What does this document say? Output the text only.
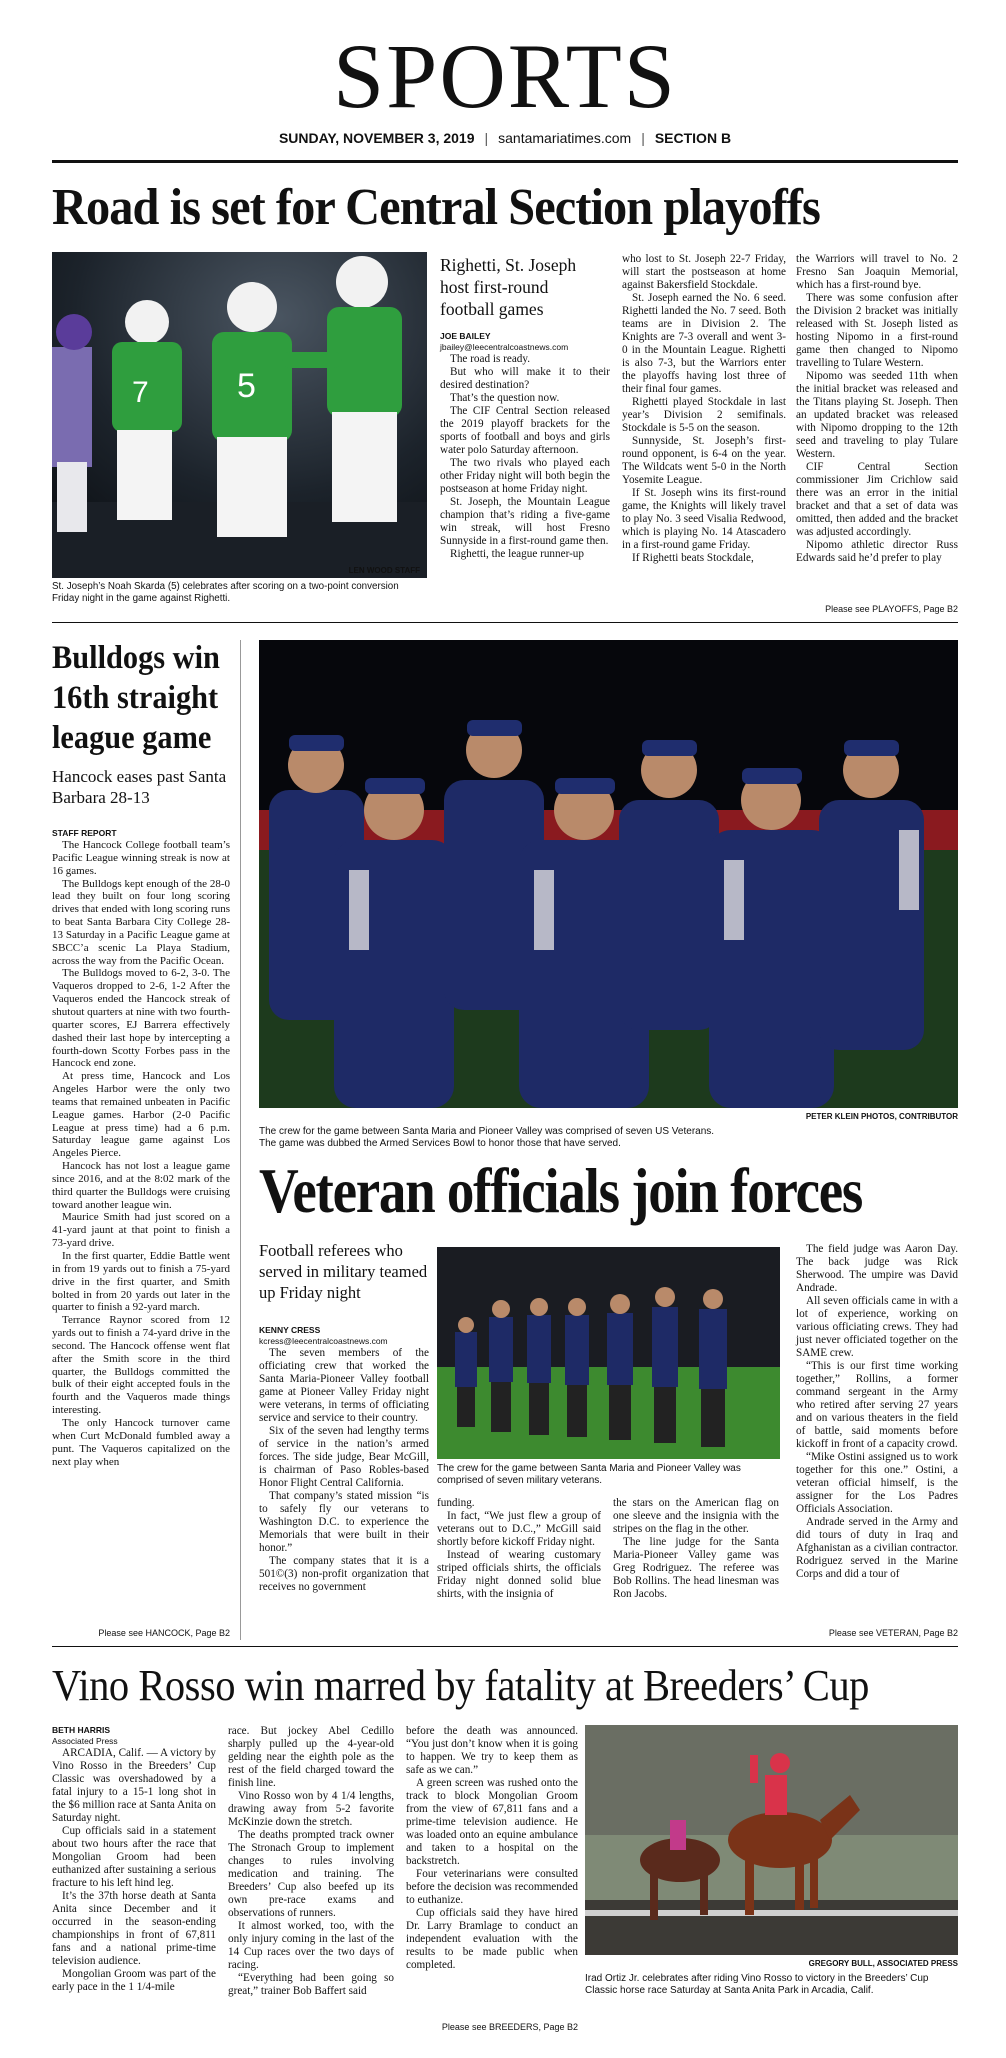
SPORTS
SUNDAY, NOVEMBER 3, 2019 | santamariatimes.com | SECTION B
Road is set for Central Section playoffs
7	5
LEN WOOD STAFF
St. Joseph’s Noah Skarda (5) celebrates after scoring on a two-point conversion Friday night in the game against Righetti.
Righetti, St. Joseph host first-round football games

JOE BAILEY

jbailey@leecentralcoastnews.com

The road is ready.

But who will make it to their desired destination?

That’s the question now.

The CIF Central Section released the 2019 playoff brackets for the sports of football and boys and girls water polo Saturday afternoon.

The two rivals who played each other Friday night will both begin the postseason at home Friday night.

St. Joseph, the Mountain League champion that’s riding a five-game win streak, will host Fresno Sunnyside in a first-round game then.

Righetti, the league runner-up

who lost to St. Joseph 22-7 Friday, will start the postseason at home against Bakersfield Stockdale.

St. Joseph earned the No. 6 seed. Righetti landed the No. 7 seed. Both teams are in Division 2. The Knights are 7-3 overall and went 3-0 in the Mountain League. Righetti is also 7-3, but the Warriors enter the playoffs having lost three of their final four games.

Righetti played Stockdale in last year’s Division 2 semifinals. Stockdale is 5-5 on the season.

Sunnyside, St. Joseph’s first-round opponent, is 6-4 on the year. The Wildcats went 5-0 in the North Yosemite League.

If St. Joseph wins its first-round game, the Knights will likely travel to play No. 3 seed Visalia Redwood, which is playing No. 14 Atascadero in a first-round game Friday.

If Righetti beats Stockdale,

the Warriors will travel to No. 2 Fresno San Joaquin Memorial, which has a first-round bye.

There was some confusion after the Division 2 bracket was initially released with St. Joseph listed as hosting Nipomo in a first-round game then changed to Nipomo travelling to Tulare Western.

Nipomo was seeded 11th when the initial bracket was released and the Titans playing St. Joseph. Then an updated bracket was released with Nipomo dropping to the 12th seed and traveling to play Tulare Western.

CIF Central Section commissioner Jim Crichlow said there was an error in the initial bracket and that a set of data was omitted, then added and the bracket was adjusted accordingly.

Nipomo athletic director Russ Edwards said he’d prefer to play

Please see PLAYOFFS, Page B2
Bulldogs win
16th straight
league game
Hancock eases past Santa Barbara 28-13

STAFF REPORT

The Hancock College football team’s Pacific League winning streak is now at 16 games.

The Bulldogs kept enough of the 28-0 lead they built on four long scoring drives that ended with long scoring runs to beat Santa Barbara City College 28-13 Saturday in a Pacific League game at SBCC’a scenic La Playa Stadium, across the way from the Pacific Ocean.

The Bulldogs moved to 6-2, 3-0. The Vaqueros dropped to 2-6, 1-2 After the Vaqueros ended the Hancock streak of shutout quarters at nine with two fourth-quarter scores, EJ Barrera effectively dashed their last hope by intercepting a fourth-down Scotty Forbes pass in the Hancock end zone.

At press time, Hancock and Los Angeles Harbor were the only two teams that remained unbeaten in Pacific League games. Harbor (2-0 Pacific League at press time) had a 6 p.m. Saturday league game against Los Angeles Pierce.

Hancock has not lost a league game since 2016, and at the 8:02 mark of the third quarter the Bulldogs were cruising toward another league win.

Maurice Smith had just scored on a 41-yard jaunt at that point to finish a 73-yard drive.

In the first quarter, Eddie Battle went in from 19 yards out to finish a 75-yard drive in the first quarter, and Smith bolted in from 20 yards out later in the quarter to finish a 92-yard march.

Terrance Raynor scored from 12 yards out to finish a 74-yard drive in the second. The Hancock offense went flat after the Smith score in the third quarter, the Bulldogs committed the bulk of their eight accepted fouls in the fourth and the Vaqueros made things interesting.

The only Hancock turnover came when Curt McDonald fumbled away a punt. The Vaqueros capitalized on the next play when

Please see HANCOCK, Page B2
PETER KLEIN PHOTOS, CONTRIBUTOR
The crew for the game between Santa Maria and Pioneer Valley was comprised of seven US Veterans. The game was dubbed the Armed Services Bowl to honor those that have served.
Veteran officials join forces
Football referees who served in military teamed up Friday night

KENNY CRESS

kcress@leecentralcoastnews.com

The seven members of the officiating crew that worked the Santa Maria-Pioneer Valley football game at Pioneer Valley Friday night were veterans, in terms of officiating service and service to their country.

Six of the seven had lengthy terms of service in the nation’s armed forces. The side judge, Bear McGill, is chairman of Paso Robles-based Honor Flight Central California.

That company’s stated mission “is to safely fly our veterans to Washington D.C. to experience the Memorials that were built in their honor.”

The company states that it is a 501©(3) non-profit organization that receives no government

The crew for the game between Santa Maria and Pioneer Valley was comprised of seven military veterans.

funding.

In fact, “We just flew a group of veterans out to D.C.,” McGill said shortly before kickoff Friday night.

Instead of wearing customary striped officials shirts, the officials Friday night donned solid blue shirts, with the insignia of

the stars on the American flag on one sleeve and the insignia with the stripes on the flag in the other.

The line judge for the Santa Maria-Pioneer Valley game was Greg Rodriguez. The referee was Bob Rollins. The head linesman was Ron Jacobs.

The field judge was Aaron Day. The back judge was Rick Sherwood. The umpire was David Andrade.

All seven officials came in with a lot of experience, working on various officiating crews. They had just never officiated together on the SAME crew.

“This is our first time working together,” Rollins, a former command sergeant in the Army who retired after serving 27 years and on various theaters in the field of battle, said moments before kickoff in front of a capacity crowd.

“Mike Ostini assigned us to work together for this one.” Ostini, a veteran official himself, is the assigner for the Los Padres Officials Association.

Andrade served in the Army and did tours of duty in Iraq and Afghanistan as a civilian contractor. Rodriguez served in the Marine Corps and did a tour of

Please see VETERAN, Page B2
Vino Rosso win marred by fatality at Breeders’ Cup

BETH HARRIS

Associated Press

ARCADIA, Calif. — A victory by Vino Rosso in the Breeders’ Cup Classic was overshadowed by a fatal injury to a 15-1 long shot in the $6 million race at Santa Anita on Saturday night.

Cup officials said in a statement about two hours after the race that Mongolian Groom had been euthanized after sustaining a serious fracture to his left hind leg.

It’s the 37th horse death at Santa Anita since December and it occurred in the season-ending championships in front of 67,811 fans and a national prime-time television audience.

Mongolian Groom was part of the early pace in the 1 1/4-mile

race. But jockey Abel Cedillo sharply pulled up the 4-year-old gelding near the eighth pole as the rest of the field charged toward the finish line.

Vino Rosso won by 4 1/4 lengths, drawing away from 5-2 favorite McKinzie down the stretch.

The deaths prompted track owner The Stronach Group to implement changes to rules involving medication and training. The Breeders’ Cup also beefed up its own pre-race exams and observations of runners.

It almost worked, too, with the only injury coming in the last of the 14 Cup races over the two days of racing.

“Everything had been going so great,” trainer Bob Baffert said

before the death was announced. “You just don’t know when it is going to happen. We try to keep them as safe as we can.”

A green screen was rushed onto the track to block Mongolian Groom from the view of 67,811 fans and a prime-time television audience. He was loaded onto an equine ambulance and taken to a hospital on the backstretch.

Four veterinarians were consulted before the decision was recommended to euthanize.

Cup officials said they have hired Dr. Larry Bramlage to conduct an independent evaluation with the results to be made public when completed.

Please see BREEDERS, Page B2
GREGORY BULL, ASSOCIATED PRESS
Irad Ortiz Jr. celebrates after riding Vino Rosso to victory in the Breeders’ Cup Classic horse race Saturday at Santa Anita Park in Arcadia, Calif.
